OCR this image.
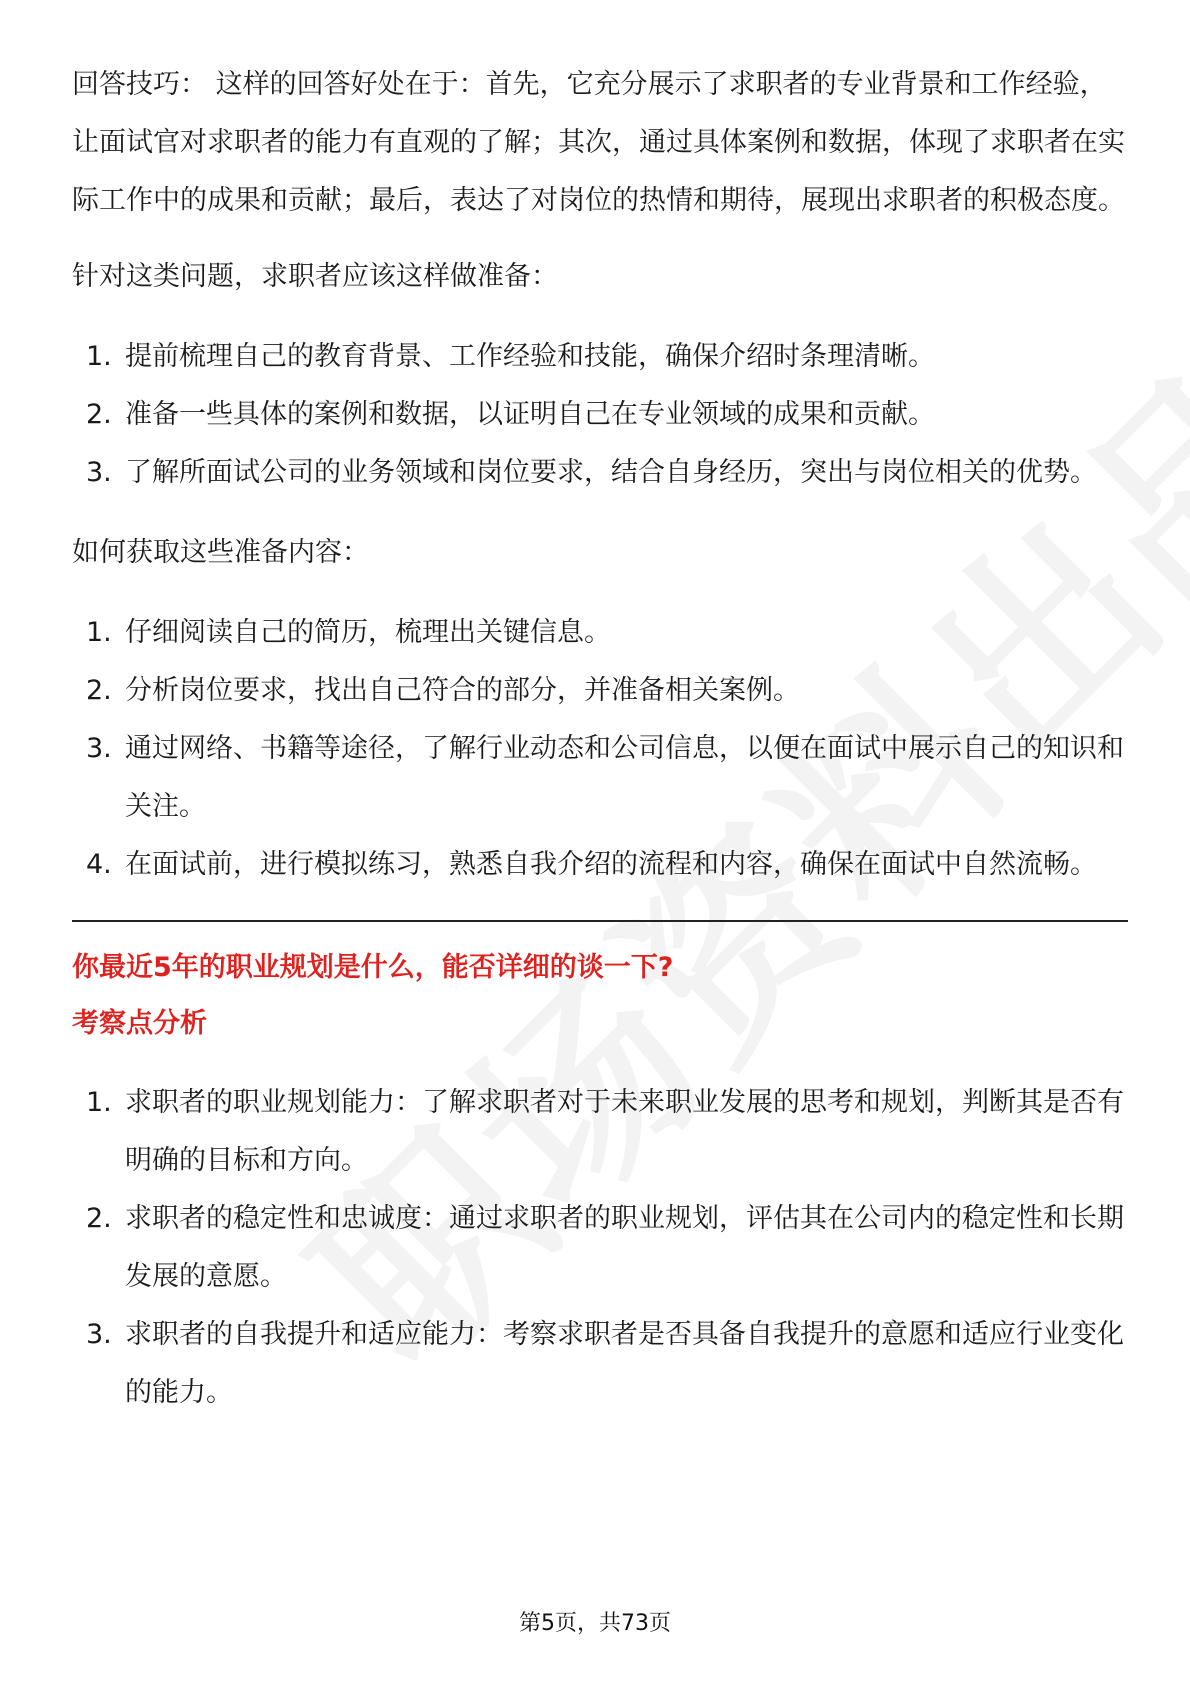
回答技巧： 这样的回答好处在于：首先，它充分展示了求职者的专业背景和工作经验，让面试官对求职者的能力有直观的了解；其次，通过具体案例和数据，体现了求职者在实际工作中的成果和贡献；最后，表达了对岗位的热情和期待，展现出求职者的积极态度。

针对这类问题，求职者应该这样做准备：

1. 提前梳理自己的教育背景、工作经验和技能，确保介绍时条理清晰。
2. 准备一些具体的案例和数据，以证明自己在专业领域的成果和贡献。
3. 了解所面试公司的业务领域和岗位要求，结合自身经历，突出与岗位相关的优势。

如何获取这些准备内容：

1. 仔细阅读自己的简历，梳理出关键信息。
2. 分析岗位要求，找出自己符合的部分，并准备相关案例。
3. 通过网络、书籍等途径，了解行业动态和公司信息，以便在面试中展示自己的知识和关注。
4. 在面试前，进行模拟练习，熟悉自我介绍的流程和内容，确保在面试中自然流畅。

你最近5年的职业规划是什么，能否详细的谈一下?

考察点分析

1. 求职者的职业规划能力：了解求职者对于未来职业发展的思考和规划，判断其是否有明确的目标和方向。
2. 求职者的稳定性和忠诚度：通过求职者的职业规划，评估其在公司内的稳定性和长期发展的意愿。
3. 求职者的自我提升和适应能力：考察求职者是否具备自我提升的意愿和适应行业变化的能力。
第5页，共73页
